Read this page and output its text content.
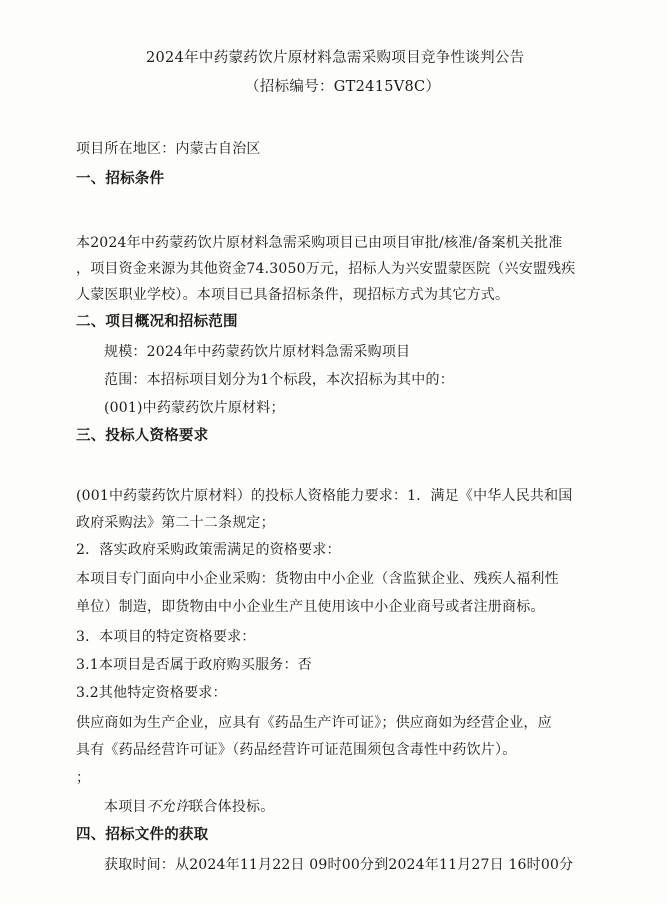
2024年中药蒙药饮片原材料急需采购项目竞争性谈判公告
（招标编号：GT2415V8C）
项目所在地区：内蒙古自治区
一、招标条件
本2024年中药蒙药饮片原材料急需采购项目已由项目审批/核准/备案机关批准
，项目资金来源为其他资金74.3050万元，招标人为兴安盟蒙医院（兴安盟残疾
人蒙医职业学校）。本项目已具备招标条件，现招标方式为其它方式。
二、项目概况和招标范围
规模：2024年中药蒙药饮片原材料急需采购项目
范围：本招标项目划分为1个标段，本次招标为其中的：
(001)中药蒙药饮片原材料；
三、投标人资格要求
(001中药蒙药饮片原材料）的投标人资格能力要求：1．满足《中华人民共和国
政府采购法》第二十二条规定；
2．落实政府采购政策需满足的资格要求：
本项目专门面向中小企业采购：货物由中小企业（含监狱企业、残疾人福利性
单位）制造，即货物由中小企业生产且使用该中小企业商号或者注册商标。
3．本项目的特定资格要求：
3.1本项目是否属于政府购买服务：否
3.2其他特定资格要求：
供应商如为生产企业，应具有《药品生产许可证》；供应商如为经营企业，应
具有《药品经营许可证》（药品经营许可证范围须包含毒性中药饮片）。
；
本项目不允许联合体投标。
四、招标文件的获取
获取时间：从2024年11月22日 09时00分到2024年11月27日 16时00分
